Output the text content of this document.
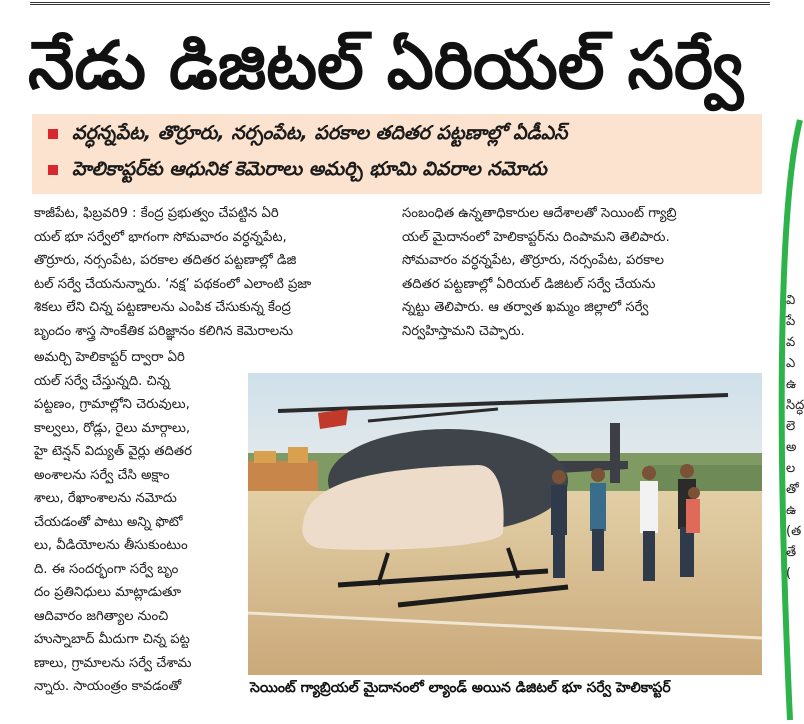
నేడు డిజిటల్ ఏరియల్ సర్వే
వర్ధన్నపేట, తొర్రూరు, నర్సంపేట, పరకాల తదితర పట్టణాల్లో ఏడీఎస్
హెలికాప్టర్‌కు ఆధునిక కెమెరాలు అమర్చి భూమి వివరాల నమోదు
కాజీపేట, ఫిబ్రవరి9 : కేంద్ర ప్రభుత్వం చేపట్టిన ఏరి
యల్ భూ సర్వేలో భాగంగా సోమవారం వర్ధన్నపేట,
తొర్రూరు, నర్సంపేట, పరకాల తదితర పట్టణాల్లో డిజి
టల్ సర్వే చేయనున్నారు. ‘నక్ష’ పథకంలో ఎలాంటి ప్రజా
శికలు లేని చిన్న పట్టణాలను ఎంపిక చేసుకున్న కేంద్ర
బృందం శాస్త్ర సాంకేతిక పరిజ్ఞానం కలిగిన కెమెరాలను
అమర్చి హెలికాప్టర్ ద్వారా ఏరి
యల్ సర్వే చేస్తున్నది. చిన్న
పట్టణం, గ్రామాల్లోని చెరువులు,
కాల్వలు, రోడ్లు, రైలు మార్గాలు,
హై టెన్షన్ విద్యుత్ వైర్లు తదితర
అంశాలను సర్వే చేసి అక్షాం
శాలు, రేఖాంశాలను నమోదు
చేయడంతో పాటు అన్ని ఫొటో
లు, వీడియోలను తీసుకుంటుం
ది. ఈ సందర్భంగా సర్వే బృం
దం ప్రతినిధులు మాట్లాడుతూ
ఆదివారం జగిత్యాల నుంచి
హుస్నాబాద్ మీదుగా చిన్న పట్ట
ణాలు, గ్రామాలను సర్వే చేశామ
న్నారు. సాయంత్రం కావడంతో
సంబంధిత ఉన్నతాధికారుల ఆదేశాలతో సెయింట్ గ్యాబ్రి
యల్ మైదానంలో హెలికాప్టర్‌ను దింపామని తెలిపారు.
సోమవారం వర్ధన్నపేట, తొర్రూరు, నర్సంపేట, పరకాల
తదితర పట్టణాల్లో ఏరియల్ డిజిటల్ సర్వే చేయను
న్నట్టు తెలిపారు. ఆ తర్వాత ఖమ్మం జిల్లాలో సర్వే
నిర్వహిస్తామని చెప్పారు.
సెయింట్ గ్యాబ్రియల్ మైదానంలో ల్యాండ్ అయిన డిజిటల్ భూ సర్వే హెలికాప్టర్
వి
పే
వ
ఎ
ఉ
సిద్ధ
లె
అ
ల
తో
ఉ
(త
తే
(
